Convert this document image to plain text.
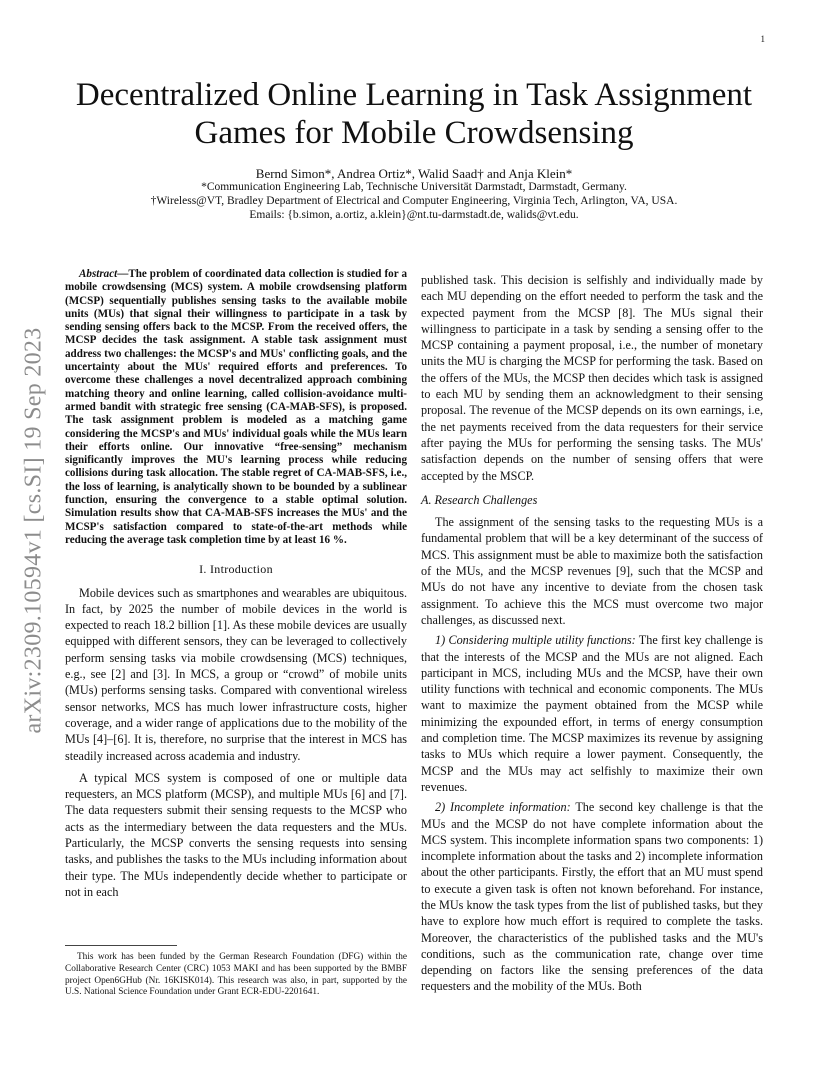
1
arXiv:2309.10594v1 [cs.SI] 19 Sep 2023
Decentralized Online Learning in Task Assignment Games for Mobile Crowdsensing
Bernd Simon*, Andrea Ortiz*, Walid Saad† and Anja Klein*
*Communication Engineering Lab, Technische Universität Darmstadt, Darmstadt, Germany.
†Wireless@VT, Bradley Department of Electrical and Computer Engineering, Virginia Tech, Arlington, VA, USA.
Emails: {b.simon, a.ortiz, a.klein}@nt.tu-darmstadt.de, walids@vt.edu.

Abstract—The problem of coordinated data collection is studied for a mobile crowdsensing (MCS) system. A mobile crowdsensing platform (MCSP) sequentially publishes sensing tasks to the available mobile units (MUs) that signal their willingness to participate in a task by sending sensing offers back to the MCSP. From the received offers, the MCSP decides the task assignment. A stable task assignment must address two challenges: the MCSP's and MUs' conflicting goals, and the uncertainty about the MUs' required efforts and preferences. To overcome these challenges a novel decentralized approach combining matching theory and online learning, called collision-avoidance multi-armed bandit with strategic free sensing (CA-MAB-SFS), is proposed. The task assignment problem is modeled as a matching game considering the MCSP's and MUs' individual goals while the MUs learn their efforts online. Our innovative “free-sensing” mechanism significantly improves the MU's learning process while reducing collisions during task allocation. The stable regret of CA-MAB-SFS, i.e., the loss of learning, is analytically shown to be bounded by a sublinear function, ensuring the convergence to a stable optimal solution. Simulation results show that CA-MAB-SFS increases the MUs' and the MCSP's satisfaction compared to state-of-the-art methods while reducing the average task completion time by at least 16 %.

I. Introduction

Mobile devices such as smartphones and wearables are ubiquitous. In fact, by 2025 the number of mobile devices in the world is expected to reach 18.2 billion [1]. As these mobile devices are usually equipped with different sensors, they can be leveraged to collectively perform sensing tasks via mobile crowdsensing (MCS) techniques, e.g., see [2] and [3]. In MCS, a group or “crowd” of mobile units (MUs) performs sensing tasks. Compared with conventional wireless sensor networks, MCS has much lower infrastructure costs, higher coverage, and a wider range of applications due to the mobility of the MUs [4]–[6]. It is, therefore, no surprise that the interest in MCS has steadily increased across academia and industry.

A typical MCS system is composed of one or multiple data requesters, an MCS platform (MCSP), and multiple MUs [6] and [7]. The data requesters submit their sensing requests to the MCSP who acts as the intermediary between the data requesters and the MUs. Particularly, the MCSP converts the sensing requests into sensing tasks, and publishes the tasks to the MUs including information about their type. The MUs independently decide whether to participate or not in each

This work has been funded by the German Research Foundation (DFG) within the Collaborative Research Center (CRC) 1053 MAKI and has been supported by the BMBF project Open6GHub (Nr. 16KISK014). This research was also, in part, supported by the U.S. National Science Foundation under Grant ECR-EDU-2201641.

published task. This decision is selfishly and individually made by each MU depending on the effort needed to perform the task and the expected payment from the MCSP [8]. The MUs signal their willingness to participate in a task by sending a sensing offer to the MCSP containing a payment proposal, i.e., the number of monetary units the MU is charging the MCSP for performing the task. Based on the offers of the MUs, the MCSP then decides which task is assigned to each MU by sending them an acknowledgment to their sensing proposal. The revenue of the MCSP depends on its own earnings, i.e, the net payments received from the data requesters for their service after paying the MUs for performing the sensing tasks. The MUs' satisfaction depends on the number of sensing offers that were accepted by the MSCP.

A. Research Challenges

The assignment of the sensing tasks to the requesting MUs is a fundamental problem that will be a key determinant of the success of MCS. This assignment must be able to maximize both the satisfaction of the MUs, and the MCSP revenues [9], such that the MCSP and MUs do not have any incentive to deviate from the chosen task assignment. To achieve this the MCS must overcome two major challenges, as discussed next.

1) Considering multiple utility functions: The first key challenge is that the interests of the MCSP and the MUs are not aligned. Each participant in MCS, including MUs and the MCSP, have their own utility functions with technical and economic components. The MUs want to maximize the payment obtained from the MCSP while minimizing the expounded effort, in terms of energy consumption and completion time. The MCSP maximizes its revenue by assigning tasks to MUs which require a lower payment. Consequently, the MCSP and the MUs may act selfishly to maximize their own revenues.

2) Incomplete information: The second key challenge is that the MUs and the MCSP do not have complete information about the MCS system. This incomplete information spans two components: 1) incomplete information about the tasks and 2) incomplete information about the other participants. Firstly, the effort that an MU must spend to execute a given task is often not known beforehand. For instance, the MUs know the task types from the list of published tasks, but they have to explore how much effort is required to complete the tasks. Moreover, the characteristics of the published tasks and the MU's conditions, such as the communication rate, change over time depending on factors like the sensing preferences of the data requesters and the mobility of the MUs. Both
